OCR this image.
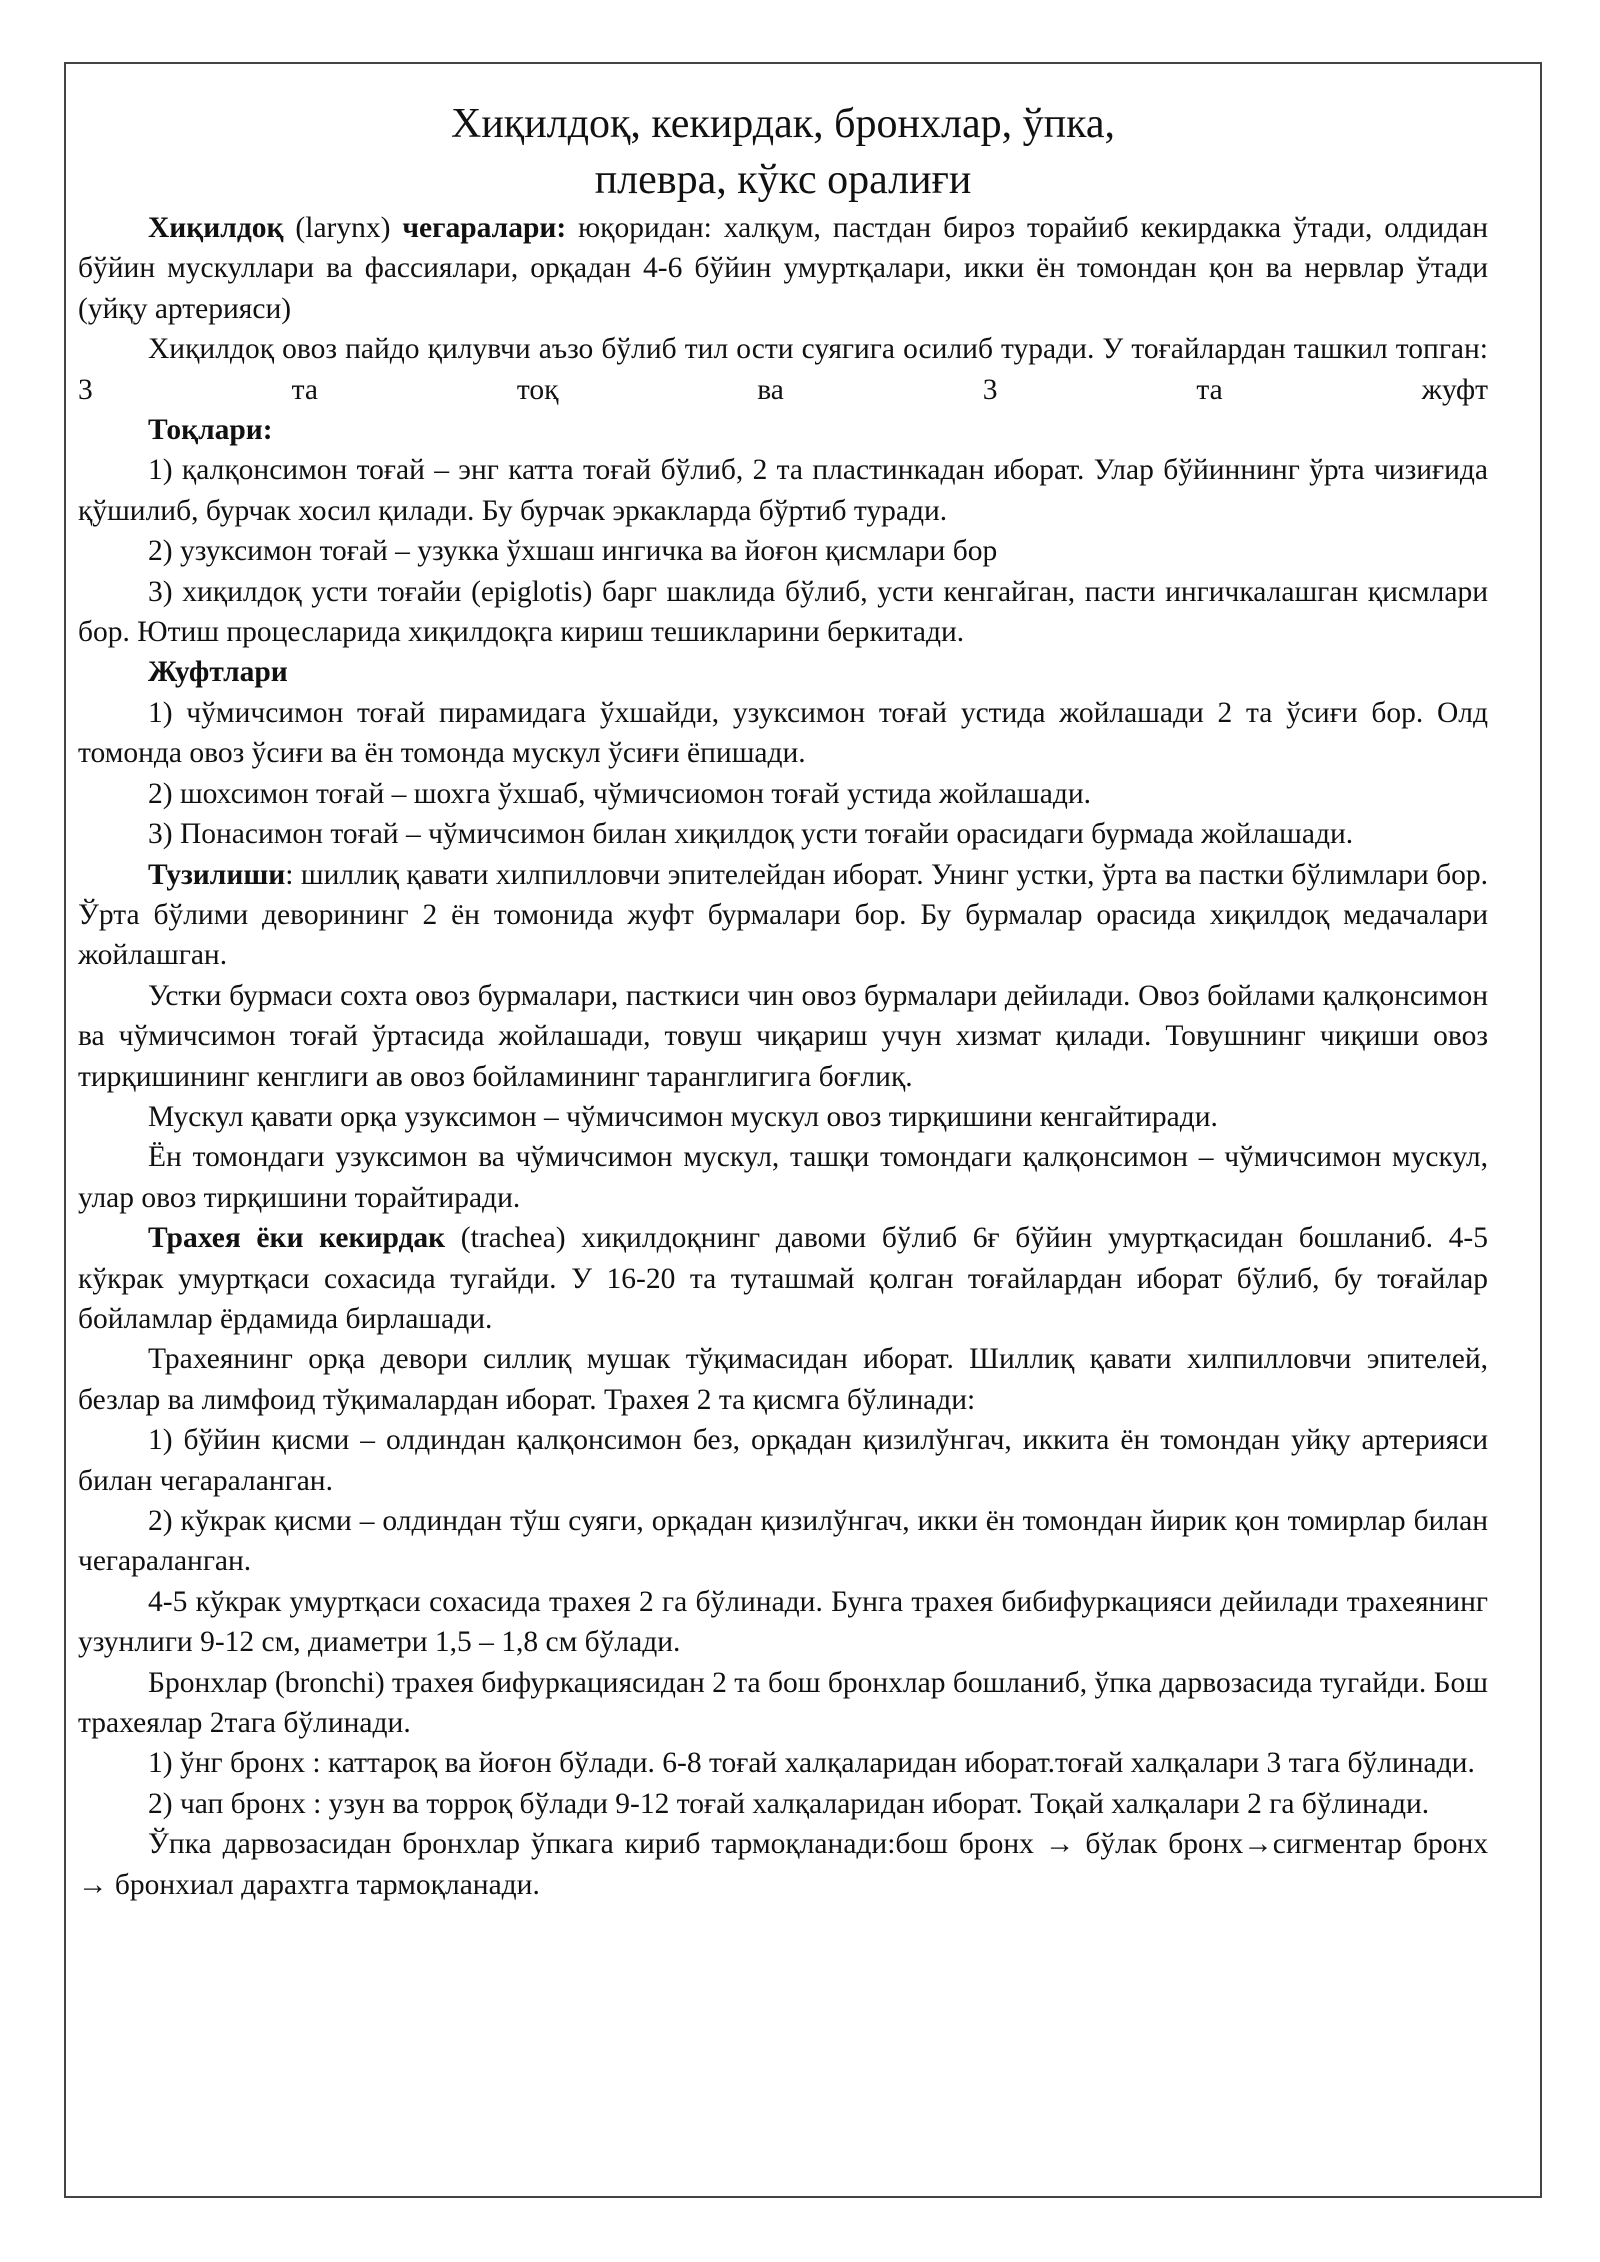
Хиқилдоқ, кекирдак, бронхлар, ўпка,
плевра, кўкс оралиғи

Хиқилдоқ (larynx) чегаралари: юқоридан: халқум, пастдан бироз торайиб кекирдакка ўтади, олдидан бўйин мускуллари ва фассиялари, орқадан 4-6 бўйин умуртқалари, икки ён томондан қон ва нервлар ўтади (уйқу артерияси)

Хиқилдоқ овоз пайдо қилувчи аъзо бўлиб тил ости суягига осилиб туради. У тоғайлардан ташкил топган: 3 та тоқ ва 3 та жуфт

Тоқлари:

1) қалқонсимон тоғай – энг катта тоғай бўлиб, 2 та пластинкадан иборат. Улар бўйиннинг ўрта чизиғида қўшилиб, бурчак хосил қилади. Бу бурчак эркакларда бўртиб туради.

2) узуксимон тоғай – узукка ўхшаш ингичка ва йоғон қисмлари бор

3) хиқилдоқ усти тоғайи (epiglotis) барг шаклида бўлиб, усти кенгайган, пасти ингичкалашган қисмлари бор. Ютиш процесларида хиқилдоқга кириш тешикларини беркитади.

Жуфтлари

1) чўмичсимон тоғай пирамидага ўхшайди, узуксимон тоғай устида жойлашади 2 та ўсиғи бор. Олд томонда овоз ўсиғи ва ён томонда мускул ўсиғи ёпишади.

2) шохсимон тоғай – шохга ўхшаб, чўмичсиомон тоғай устида жойлашади.

3) Понасимон тоғай – чўмичсимон билан хиқилдоқ усти тоғайи орасидаги бурмада жойлашади.

Тузилиши: шиллиқ қавати хилпилловчи эпителейдан иборат. Унинг устки, ўрта ва пастки бўлимлари бор. Ўрта бўлими деворининг 2 ён томонида жуфт бурмалари бор. Бу бурмалар орасида хиқилдоқ медачалари жойлашган.

Устки бурмаси сохта овоз бурмалари, пасткиси чин овоз бурмалари дейилади. Овоз бойлами қалқонсимон ва чўмичсимон тоғай ўртасида жойлашади, товуш чиқариш учун хизмат қилади. Товушнинг чиқиши овоз тирқишининг кенглиги ав овоз бойламининг таранглигига боғлиқ.

Мускул қавати орқа узуксимон – чўмичсимон мускул овоз тирқишини кенгайтиради.

Ён томондаги узуксимон ва чўмичсимон мускул, ташқи томондаги қалқонсимон – чўмичсимон мускул, улар овоз тирқишини торайтиради.

Трахея ёки кекирдак (trachea) хиқилдоқнинг давоми бўлиб 6ғ бўйин умуртқасидан бошланиб. 4-5 кўкрак умуртқаси сохасида тугайди. У 16-20 та туташмай қолган тоғайлардан иборат бўлиб, бу тоғайлар бойламлар ёрдамида бирлашади.

Трахеянинг орқа девори силлиқ мушак тўқимасидан иборат. Шиллиқ қавати хилпилловчи эпителей, безлар ва лимфоид тўқималардан иборат. Трахея 2 та қисмга бўлинади:

1) бўйин қисми – олдиндан қалқонсимон без, орқадан қизилўнгач, иккита ён томондан уйқу артерияси билан чегараланган.

2) кўкрак қисми – олдиндан тўш суяги, орқадан қизилўнгач, икки ён томондан йирик қон томирлар билан чегараланган.

4-5 кўкрак умуртқаси сохасида трахея 2 га бўлинади. Бунга трахея бибифуркацияси дейилади трахеянинг узунлиги 9-12 см, диаметри 1,5 – 1,8 см бўлади.

Бронхлар (bronchi) трахея бифуркациясидан 2 та бош бронхлар бошланиб, ўпка дарвозасида тугайди. Бош трахеялар 2тага бўлинади.

1) ўнг бронх : каттароқ ва йоғон бўлади. 6-8 тоғай халқаларидан иборат.тоғай халқалари 3 тага бўлинади.

2) чап бронх : узун ва торроқ бўлади 9-12 тоғай халқаларидан иборат. Тоқай халқалари 2 га бўлинади.

Ўпка дарвозасидан бронхлар ўпкага кириб тармоқланади:бош бронх → бўлак бронх→сигментар бронх → бронхиал дарахтга тармоқланади.
